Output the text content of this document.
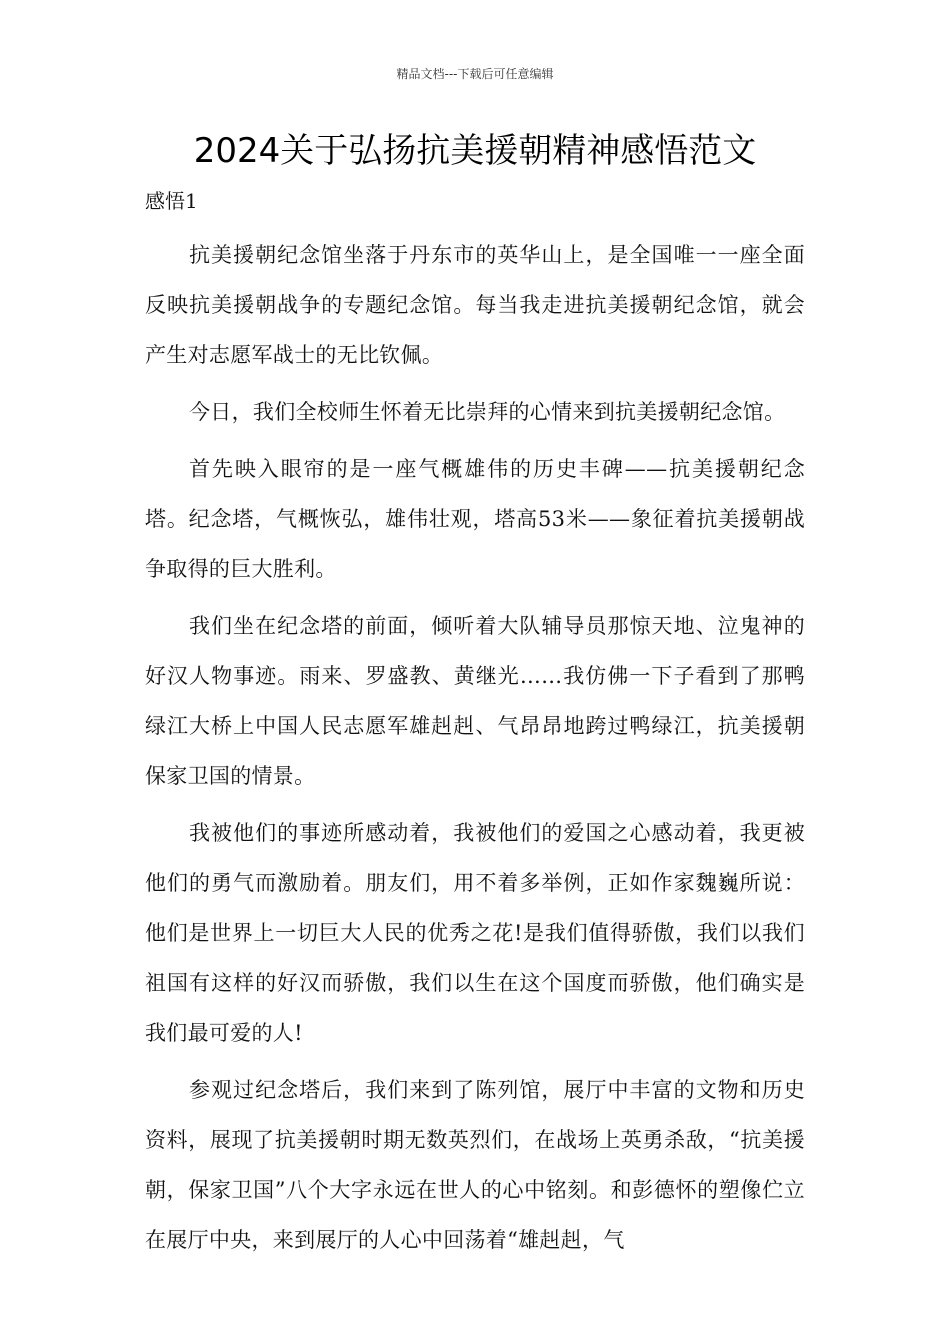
精品文档---下载后可任意编辑
2024关于弘扬抗美援朝精神感悟范文
感悟1

抗美援朝纪念馆坐落于丹东市的英华山上，是全国唯一一座全面反映抗美援朝战争的专题纪念馆。每当我走进抗美援朝纪念馆，就会产生对志愿军战士的无比钦佩。

今日，我们全校师生怀着无比崇拜的心情来到抗美援朝纪念馆。

首先映入眼帘的是一座气概雄伟的历史丰碑——抗美援朝纪念塔。纪念塔，气概恢弘，雄伟壮观，塔高53米——象征着抗美援朝战争取得的巨大胜利。

我们坐在纪念塔的前面，倾听着大队辅导员那惊天地、泣鬼神的好汉人物事迹。雨来、罗盛教、黄继光……我仿佛一下子看到了那鸭绿江大桥上中国人民志愿军雄赳赳、气昂昂地跨过鸭绿江，抗美援朝保家卫国的情景。

我被他们的事迹所感动着，我被他们的爱国之心感动着，我更被他们的勇气而激励着。朋友们，用不着多举例，正如作家魏巍所说：他们是世界上一切巨大人民的优秀之花!是我们值得骄傲，我们以我们祖国有这样的好汉而骄傲，我们以生在这个国度而骄傲，他们确实是我们最可爱的人!

参观过纪念塔后，我们来到了陈列馆，展厅中丰富的文物和历史资料，展现了抗美援朝时期无数英烈们，在战场上英勇杀敌，“抗美援朝，保家卫国”八个大字永远在世人的心中铭刻。和彭德怀的塑像伫立在展厅中央，来到展厅的人心中回荡着“雄赳赳，气
